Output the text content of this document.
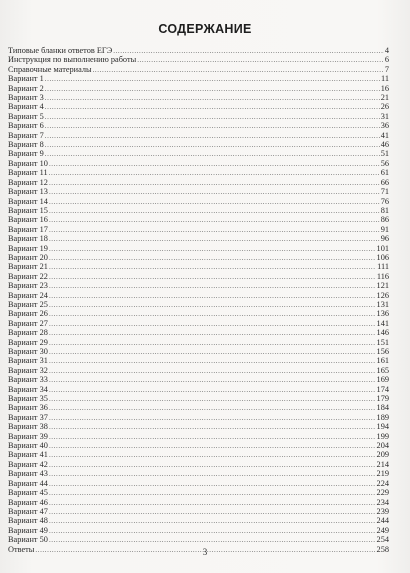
СОДЕРЖАНИЕ
Типовые бланки ответов ЕГЭ .....	4
Инструкция по выполнению работы .....	6
Справочные материалы .....	7
Вариант 1 .....	11
Вариант 2 .....	16
Вариант 3 .....	21
Вариант 4 .....	26
Вариант 5 .....	31
Вариант 6 .....	36
Вариант 7 .....	41
Вариант 8 .....	46
Вариант 9 .....	51
Вариант 10 .....	56
Вариант 11 .....	61
Вариант 12 .....	66
Вариант 13 .....	71
Вариант 14 .....	76
Вариант 15 .....	81
Вариант 16 .....	86
Вариант 17 .....	91
Вариант 18 .....	96
Вариант 19 .....	101
Вариант 20 .....	106
Вариант 21 .....	111
Вариант 22 .....	116
Вариант 23 .....	121
Вариант 24 .....	126
Вариант 25 .....	131
Вариант 26 .....	136
Вариант 27 .....	141
Вариант 28 .....	146
Вариант 29 .....	151
Вариант 30 .....	156
Вариант 31 .....	161
Вариант 32 .....	165
Вариант 33 .....	169
Вариант 34 .....	174
Вариант 35 .....	179
Вариант 36 .....	184
Вариант 37 .....	189
Вариант 38 .....	194
Вариант 39 .....	199
Вариант 40 .....	204
Вариант 41 .....	209
Вариант 42 .....	214
Вариант 43 .....	219
Вариант 44 .....	224
Вариант 45 .....	229
Вариант 46 .....	234
Вариант 47 .....	239
Вариант 48 .....	244
Вариант 49 .....	249
Вариант 50 .....	254
Ответы .....	258
3
